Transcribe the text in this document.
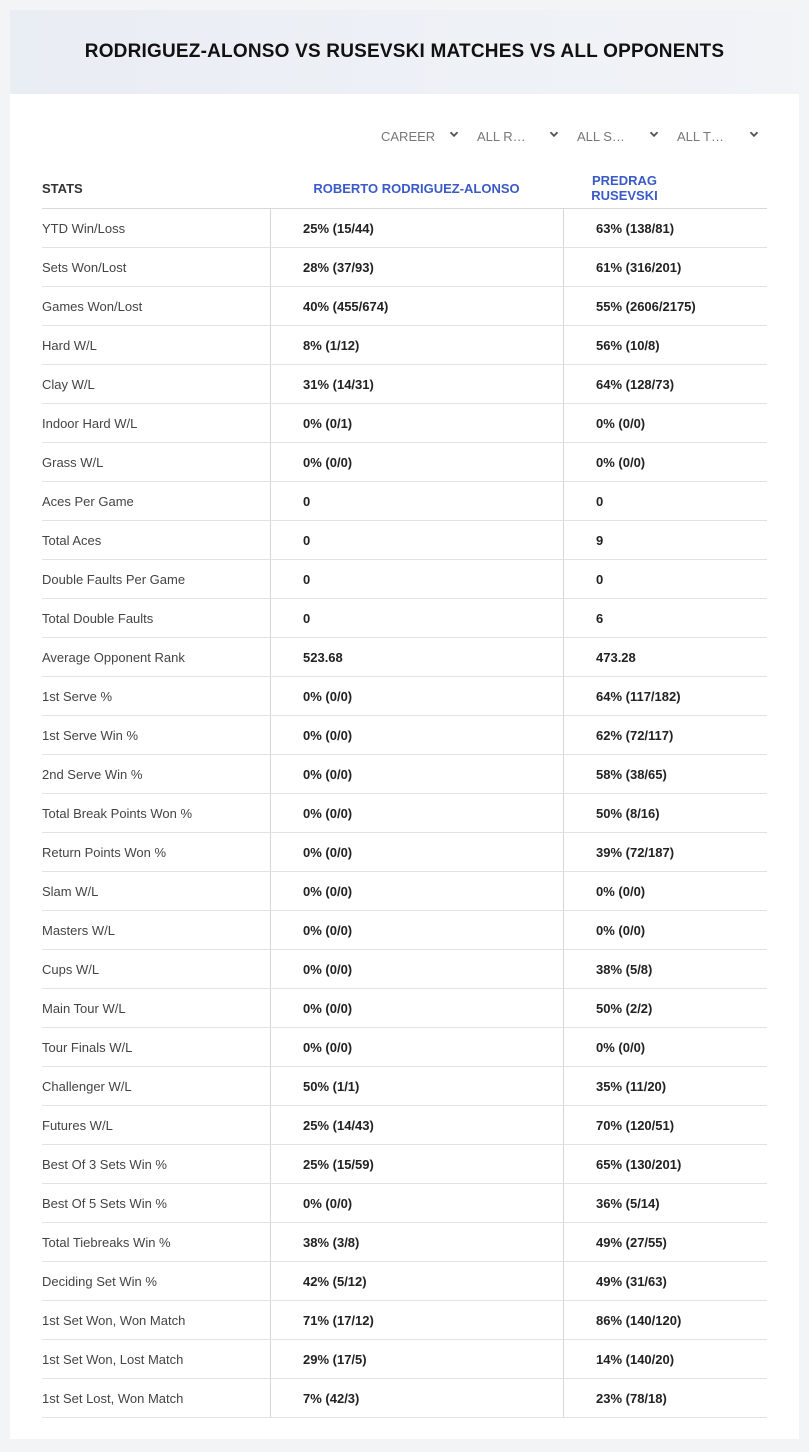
RODRIGUEZ-ALONSO VS RUSEVSKI MATCHES VS ALL OPPONENTS
CAREER	ALL R…	ALL S…	ALL T…
STATS	ROBERTO RODRIGUEZ-ALONSO	PREDRAG RUSEVSKI
YTD Win/Loss	25% (15/44)	63% (138/81)
Sets Won/Lost	28% (37/93)	61% (316/201)
Games Won/Lost	40% (455/674)	55% (2606/2175)
Hard W/L	8% (1/12)	56% (10/8)
Clay W/L	31% (14/31)	64% (128/73)
Indoor Hard W/L	0% (0/1)	0% (0/0)
Grass W/L	0% (0/0)	0% (0/0)
Aces Per Game	0	0
Total Aces	0	9
Double Faults Per Game	0	0
Total Double Faults	0	6
Average Opponent Rank	523.68	473.28
1st Serve %	0% (0/0)	64% (117/182)
1st Serve Win %	0% (0/0)	62% (72/117)
2nd Serve Win %	0% (0/0)	58% (38/65)
Total Break Points Won %	0% (0/0)	50% (8/16)
Return Points Won %	0% (0/0)	39% (72/187)
Slam W/L	0% (0/0)	0% (0/0)
Masters W/L	0% (0/0)	0% (0/0)
Cups W/L	0% (0/0)	38% (5/8)
Main Tour W/L	0% (0/0)	50% (2/2)
Tour Finals W/L	0% (0/0)	0% (0/0)
Challenger W/L	50% (1/1)	35% (11/20)
Futures W/L	25% (14/43)	70% (120/51)
Best Of 3 Sets Win %	25% (15/59)	65% (130/201)
Best Of 5 Sets Win %	0% (0/0)	36% (5/14)
Total Tiebreaks Win %	38% (3/8)	49% (27/55)
Deciding Set Win %	42% (5/12)	49% (31/63)
1st Set Won, Won Match	71% (17/12)	86% (140/120)
1st Set Won, Lost Match	29% (17/5)	14% (140/20)
1st Set Lost, Won Match	7% (42/3)	23% (78/18)
